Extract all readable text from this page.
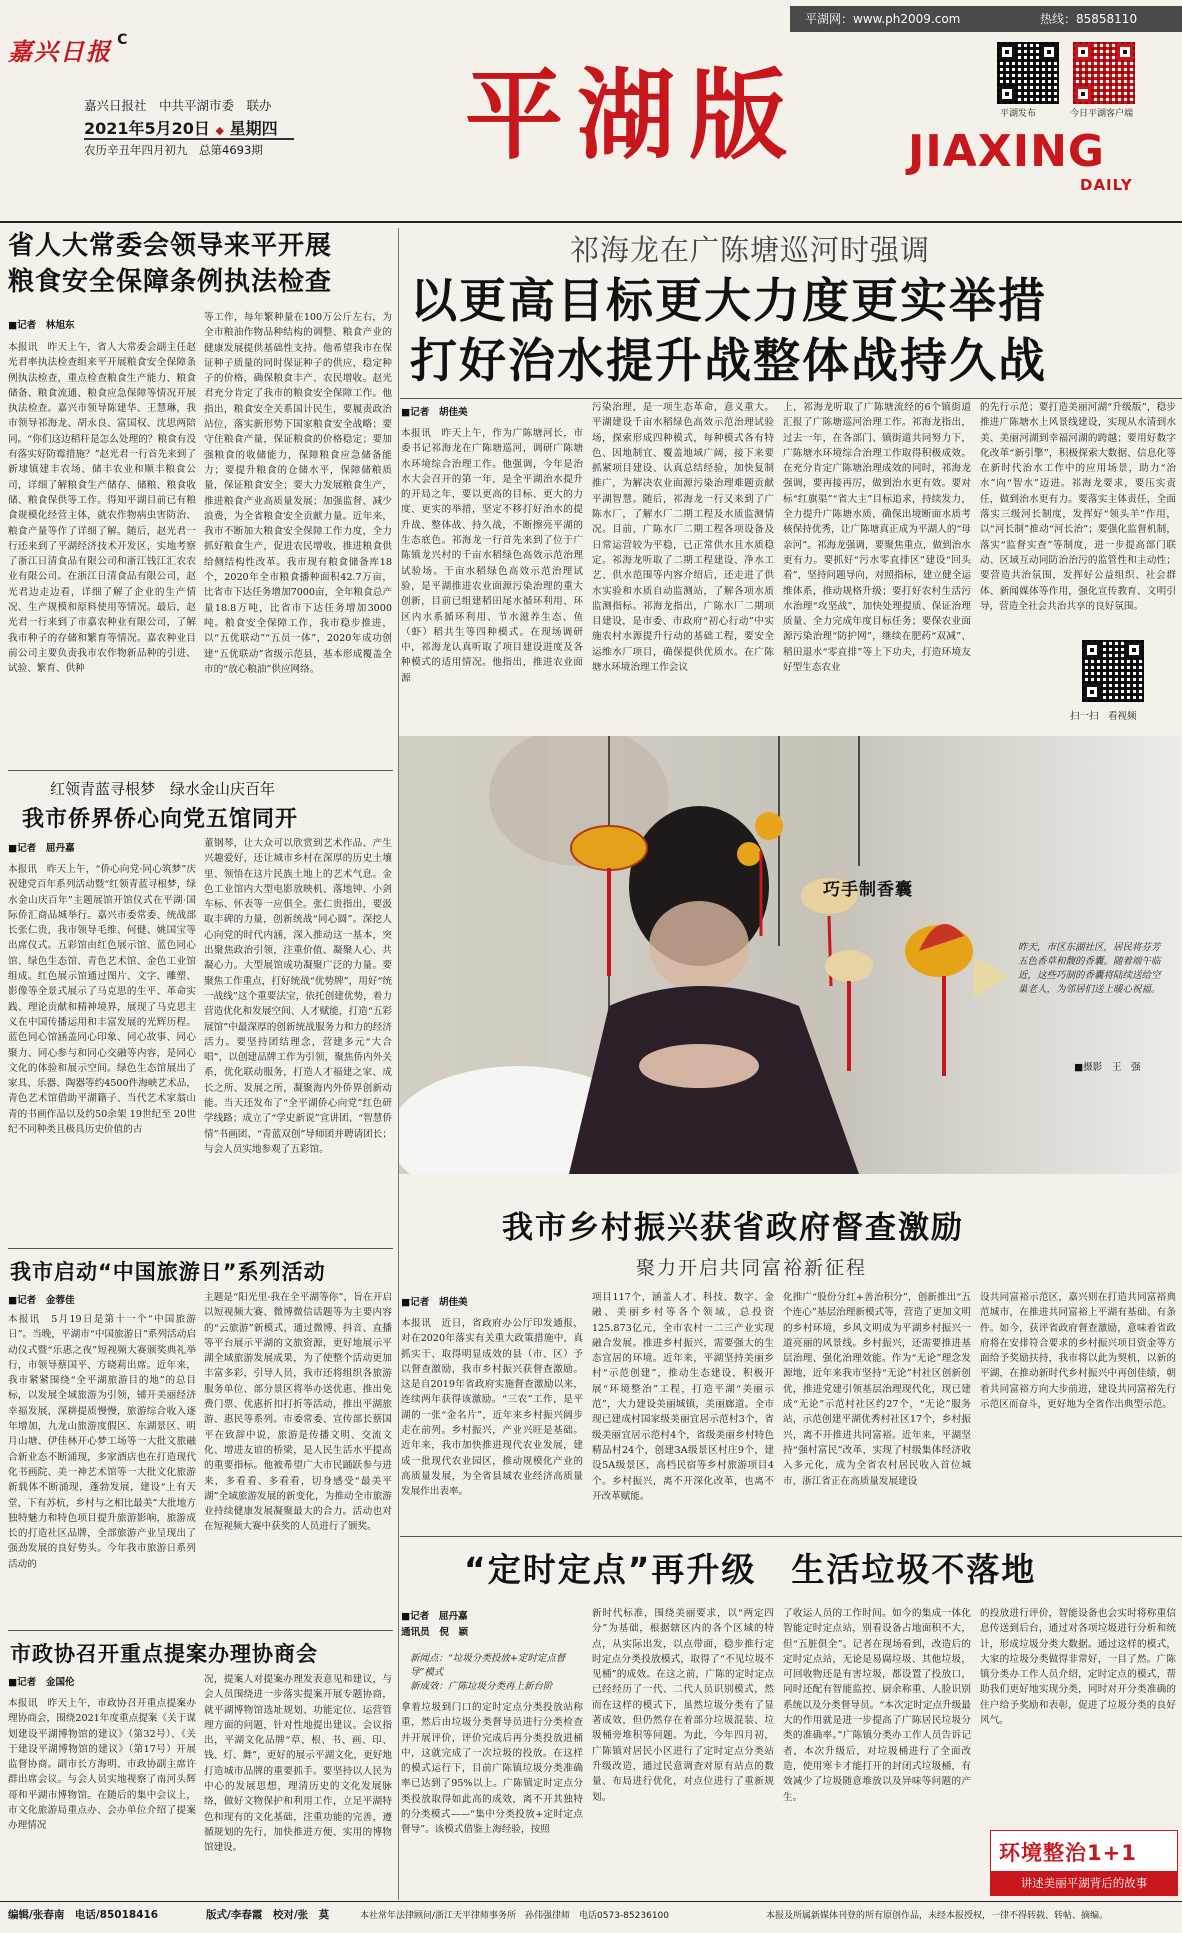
平湖网：www.ph2009.com	热线：85858110
嘉兴日报 C
嘉兴日报社　中共平湖市委　联办
2021年5月20日 ◆ 星期四
农历辛丑年四月初九　总第4693期 平湖版	平湖发布	今日平湖客户端
JIAXING
DAILY
省人大常委会领导来平开展
粮食安全保障条例执法检查
■记者　林旭东
本报讯　昨天上午，省人大常委会副主任赵光君率执法检查组来平开展粮食安全保障条例执法检查，重点检查粮食生产能力、粮食储备、粮食流通、粮食应急保障等情况开展执法检查。嘉兴市领导陈建华、王慧琳，我市领导祁海龙、胡永良、富国权、沈思两陪同。“你们这边稻秆是怎么处理的？粮食有没有落实好防霉措施？”赵光君一行首先来到了新埭镇建丰农场、储丰农业和顺丰粮食公司，详细了解粮食生产储存、储粮、粮食收储、粮食保供等工作。得知平湖目前已有粮食规模化经营主体，就农作物病虫害防治、粮食产量等作了详细了解。随后，赵光君一行还来到了平湖经济技术开发区，实地考察了浙江日清食品有限公司和浙江钱江汇农农业有限公司。在浙江日清食品有限公司，赵光君边走边看，详细了解了企业的生产情况、生产规模和原料使用等情况。最后，赵光君一行来到了市嘉农种业有限公司，了解我市种子的存储和繁育等情况。嘉农种业目前公司主要负责我市农作物新品种的引进、试验、繁育、供种
等工作，每年繁种量在100万公斤左右，为全市粮油作物品种结构的调整、粮食产业的健康发展提供基础性支持。他希望我市在保证种子质量的同时保证种子的供应，稳定种子的价格，确保粮食丰产、农民增收。赵光君充分肯定了我市的粮食安全保障工作。他指出，粮食安全关系国计民生，要履责政治站位，落实新形势下国家粮食安全战略；要守住粮食产量，保证粮食的价格稳定；要加强粮食的收储能力，保障粮食应急储备能力；要提升粮食的仓储水平，保障储粮质量，保证粮食安全；要大力发展粮食生产，推进粮食产业高质量发展；加强监督、减少浪费，为全省粮食安全贡献力量。近年来，我市不断加大粮食安全保障工作力度，全力抓好粮食生产，促进农民增收，推进粮食供给侧结构性改革。我市现有粮食储备库18个，2020年全市粮食播种面积42.7万亩，比省市下达任务增加7000亩，全年粮食总产量18.8万吨，比省市下达任务增加3000吨。粮食安全保障工作，我市稳步推进，以“五优联动”“五员一体”，2020年成功创建“五优联动”省级示范县，基本形成覆盖全市的“放心粮油”供应网络。
红领青蓝寻根梦　绿水金山庆百年
我市侨界侨心向党五馆同开
■记者　屈丹嘉
本报讯　昨天上午，“侨心向党·同心筑梦”庆祝建党百年系列活动暨“红领青蓝寻根梦，绿水金山庆百年”主题展馆开馆仪式在平湖·国际侨汇商品城举行。嘉兴市委常委、统战部长张仁贵，我市领导毛维、何健、姚国宝等出席仪式。五彩馆由红色展示馆、蓝色同心馆、绿色生态馆、青色艺术馆、金色工业馆组成。红色展示馆通过图片、文字、雕塑、影像等全景式展示了马克思的生平、革命实践、理论贡献和精神境界，展现了马克思主义在中国传播运用和丰富发展的光辉历程。蓝色同心馆涵盖同心印象、同心故事、同心聚力、同心参与和同心交融等内容，是同心文化的体验和展示空间。绿色生态馆展出了家具、乐器、陶器等约4500件海峡艺术品，青色艺术馆借助平湖籍子、当代艺术家翁山青的书画作品以及约50余架 19世纪至 20世纪不同种类且极具历史价值的古
董钢琴，让大众可以欣赏到艺术作品、产生兴趣爱好，还让城市乡村在深厚的历史土壤里、领悟在这片民族土地上的艺术气息。金色工业馆内大型电影放映机、落地钟、小剑车标、怀表等一应俱全。张仁贵指出，要汲取丰碑的力量，创新统战“同心圆”。深挖人心向党的时代内涵，深入推动这一基本，突出聚焦政治引领，注重价值、凝聚人心、共凝心力。大型展馆成功凝聚广泛的力量。要聚焦工作重点，打好统战“优势牌”，用好“统一战线”这个重要法宝，依托创建优势，着力营造优化和发展空间、人才赋能，打造“五彩展馆”中最深厚的创新统战服务力和力的经济活力。要坚持团结理念，营建多元“大合唱”，以创建品牌工作为引领，聚焦侨内外关系，优化联动服务，打造人才福建之家、成长之所、发展之所，凝聚海内外侨界创新动能。当天还发布了“全平湖侨心向党”红色研学线路；成立了“学史新说”宣讲团、“智慧侨情”书画团、“青蓝双创”导师团并聘请团长；与会人员实地参观了五彩馆。
我市启动“中国旅游日”系列活动
■记者　金蓉佳
本报讯　5月19日是第十一个“中国旅游日”。当晚，平湖市“中国旅游日”系列活动启动仪式暨“乐惠之夜”短视频大赛颁奖典礼举行，市领导蔡国平、方晓莉出席。近年来，我市紧紧围绕“全平湖旅游目的地”的总目标，以发展全域旅游为引领，铺开美丽经济幸福发展，深耕提质慢慢，旅游综合收入逐年增加，九龙山旅游度假区、东湖景区、明月山塘、伊佳林开心梦工场等一大批文旅融合新业态不断涌现，多家酒店也在打造现代化书画院、美一神艺术馆等一大批文化旅游新载体不断涌现，蓬勃发展，建设“上有天堂，下有苏杭，乡村与之相比最美”大批地方独特魅力和特色项目提升旅游影响，旅游成长的打造社区品牌，全部旅游产业呈现出了强劲发展的良好势头。今年我市旅游日系列活动的
主题是“阳光里·我在全平湖等你”，旨在开启以短视频大赛、微博微信话题等为主要内容的“云旅游”新模式，通过微博、抖音、直播等平台展示平湖的文旅资源，更好地展示平湖全域旅游发展成果，为了使整个活动更加丰富多彩，引导人员，我市还将组织各旅游服务单位、部分景区将举办送优惠、推出免费门票、优惠折扣打折等活动，推出平湖旅游、惠民等系列。市委常委、宣传部长蔡国平在致辞中说，旅游是传播文明、交流文化、增进友谊的桥梁，是人民生活水平提高的重要指标。他被希望广大市民踊跃参与进来，多看看、多看看，切身感受“最美平湖”全域旅游发展的新变化，为推动全市旅游业持续健康发展凝聚最大的合力。活动也对在短视频大赛中获奖的人员进行了颁奖。
市政协召开重点提案办理协商会
■记者　金国伦
本报讯　昨天上午，市政协召开重点提案办理协商会，围绕2021年度重点提案《关于谋划建设平湖博物馆的建议》（第32号）、《关于建设平湖博物馆的建议》（第17号）开展监督协商。副市长方海明、市政协副主席许群出席会议。与会人员实地视察了南河头辉哥和平湖市博物馆。在随后的集中会议上，市文化旅游局重点办、会办单位介绍了提案办理情况
况，提案人对提案办理发表意见和建议，与会人员围绕进一步落实提案开展专题协商，就平湖博物馆选址规划、功能定位、运营管理方面的问题，针对性地提出建议。会议指出，平湖文化品牌“草、根、书、画、印、钱、灯、舞”，更好的展示平湖文化，更好地打造城市品牌的重要抓手。要坚持以人民为中心的发展思想，理清历史的文化发展脉络，做好文物保护和利用工作，立足平湖特色和现有的文化基础，注重功能的完善，遵循规划的先行，加快推进方便、实用的博物馆建设。
祁海龙在广陈塘巡河时强调
以更高目标更大力度更实举措
打好治水提升战整体战持久战
■记者　胡佳美
本报讯　昨天上午，作为广陈塘河长，市委书记祁海龙在广陈塘巡河，调研广陈塘水环境综合治理工作。他强调，今年是治水大会召开的第一年，是全平湖治水提升的开局之年，要以更高的目标、更大的力度、更实的举措，坚定不移打好治水的提升战、整体战、持久战，不断擦亮平湖的生态底色。祁海龙一行首先来到了位于广陈镇龙兴村的千亩水稻绿色高效示范治理试验场。干亩水稻绿色高效示范治理试验，是平湖推进农业面源污染治理的重大创新，目前已组建稻田尾水循环利用、环区内水系循环利用、节水滋养生态、鱼（虾）稻共生等四种模式。在现场调研中，祁海龙认真听取了项目建设进度及各种模式的适用情况。他指出，推进农业面源
污染治理，是一项生态革命，意义重大。平湖建设千亩水稻绿色高效示范治理试验场，探索形成四种模式，每种模式各有特色、因地制宜、覆盖地域广阔，接下来要抓紧项目建设、认真总结经验，加快复制推广，为解决农业面源污染治理难题贡献平湖智慧。随后，祁海龙一行又来到了广陈水厂，了解水厂二期工程及水质监测情况。目前，广陈水厂二期工程各项设备及日常运营较为平稳，已正常供水且水质稳定。祁海龙听取了二期工程建设、净水工艺、供水范围等内容介绍后，还走进了供水实验和水质自动监测站，了解各项水质监测指标。祁海龙指出，广陈水厂二期项目建设，是市委、市政府“初心行动”中实施农村水源提升行动的基础工程，要安全运维水厂项目，确保提供优质水。在广陈塘水环境治理工作会议
上，祁海龙听取了广陈塘流经的6个镇街道汇报了广陈塘巡河治理工作。祁海龙指出，过去一年，在各部门、镇街道共同努力下，广陈塘水环境综合治理工作取得积极成效。在充分肯定广陈塘治理成效的同时，祁海龙强调，要再接再厉，做到治水更有效。要对标“红旗渠”“省大主”目标追求，持续发力，全力提升广陈塘水质，确保出境断面水质考核保持优秀，让广陈塘真正成为平湖人的“母亲河”。祁海龙强调，要聚焦重点，做到治水更有力。要抓好“污水零直排区”建设“回头看”，坚持问题导向，对照指标，建立健全运维体系，推动规格升级；要打好农村生活污水治理“攻坚战”，加快处理提质、保证治理质量、全力完成年度目标任务；要保农业面源污染治理“防护网”，继续在肥药“双减”、稻田退水“零直排”等上下功夫，打造环境友好型生态农业
的先行示范；要打造美丽河湖“升级版”，稳步推进广陈塘水上风景线建设，实现从水清到水美、美丽河湖到幸福河湖的跨越；要用好数字化改革“新引擎”，积极探索大数据、信息化等在新时代治水工作中的应用场景，助力“治水”向“智水”迈进。祁海龙要求，要压实责任，做到治水更有力。要落实主体责任，全面落实三级河长制度，发挥好“领头羊”作用，以“河长制”推动“河长治”；要强化监督机制，落实“监督实查”等制度，进一步提高部门联动、区域互动同防治治污的监管性和主动性；要营造共治氛围，发挥好公益组织、社会群体、新闻媒体等作用，强化宣传教育、文明引导，营造全社会共治共享的良好氛围。
扫一扫　看视频
巧手制香囊
昨天，市区东湖社区，居民将芬芳五色香草和馥的香囊。随着端午临近，这些巧制的香囊将陆续送给空巢老人，为邻居们送上暖心祝福。
■摄影　王　强
我市乡村振兴获省政府督查激励
聚力开启共同富裕新征程
■记者　胡佳美
本报讯　近日，省政府办公厅印发通报，对在2020年落实有关重大政策措施中，真抓实干、取得明显成效的县（市、区）予以督查激励，我市乡村振兴获督查激励。这是自2019年省政府实施督查激励以来，连续两年获得该激励。“三农”工作，是平湖的一张“金名片”，近年来乡村振兴阔步走在前列。乡村振兴，产业兴旺是基础。近年来，我市加快推进现代农业发展，建成一批现代农业园区，推动规模化产业的高质量发展，为全省县域农业经济高质量发展作出表率。
项目117个，涵盖人才、科技、数字、金融、美丽乡村等各个领域，总投资125.873亿元，全市农村一二三产业实现融合发展。推进乡村振兴，需要强大的生态宜居的环境。近年来，平湖坚持美丽乡村“示范创建”，推动生态建设，积极开展“环境整治”工程，打造平湖“美丽示范”，大力建设美丽城镇，美丽廊道。全市现已建成村国家级美丽宜居示范村3个，省级美丽宜居示范村4个，省级美丽乡村特色精品村24个，创建3A级景区村庄9个，建设5A级景区，高档民宿等乡村旅游项目4个。乡村振兴，离不开深化改革，也离不开改革赋能。
化推广“股份分红+善治积分”，创新推出“五个连心”基层治理新模式等，营造了更加文明的乡村环境，乡风文明成为平湖乡村振兴一道亮丽的风景线。乡村振兴，还需要推进基层治理、强化治理效能。作为“无论”理念发源地，近年来我市坚持“无论”村社区创新创优，推进党建引领基层治理现代化，现已建成“无论”示范村社区约27个，“无论”服务站，示范创建平湖优秀村社区17个，乡村振兴，离不开推进共同富裕。近年来，平湖坚持“强村富民”改革，实现了村级集体经济收入多元化，成为全省农村居民收入首位城市，浙江省正在高质量发展建设
设共同富裕示范区，嘉兴则在打造共同富裕典范城市，在推进共同富裕上平湖有基础、有条件。如今，获评省政府督查激励，意味着省政府将在安排符合要求的乡村振兴项目资金等方面给予奖励扶持，我市将以此为契机，以新的平湖，在推动新时代乡村振兴中再创佳绩，朝着共同富裕方向大步前进，建设共同富裕先行示范区而奋斗，更好地为全省作出典型示范。
“定时定点”再升级　生活垃圾不落地
■记者　屈丹嘉
通讯员　倪　颖
新闻点：“垃圾分类投放+定时定点督导”模式
新成效：广陈垃圾分类再上新台阶
拿着垃圾到门口的定时定点分类投放站称重，然后由垃圾分类督导员进行分类检查并开展评价，评价完成后再分类投放进桶中，这就完成了一次垃圾的投放。在这样的模式运行下，目前广陈镇垃圾分类准确率已达到了95%以上。广陈镇定时定点分类投放取得如此高的成效，离不开其独特的分类模式——“集中分类投放+定时定点督导”。该模式借鉴上海经验，按照
新时代标准，围绕美丽要求，以“两定四分”为基础，根据辖区内的各个区域的特点，从实际出发，以点带面，稳步推行定时定点分类投放模式，取得了“不见垃圾不见桶”的成效。在这之前，广陈的定时定点已经经历了一代、二代人员识别模式，然而在这样的模式下，虽然垃圾分类有了显著成效，但仍然存在着部分垃圾混装、垃圾桶旁堆积等问题。为此，今年四月初，广陈镇对居民小区进行了定时定点分类站升级改造，通过民意调查对原有站点的数量、布局进行优化，对点位进行了重新规划。
了收运人员的工作时间。如今的集成一体化智能定时定点站，别看设备占地面积不大，但“五脏俱全”。记者在现场看到，改造后的定时定点站，无论是易腐垃圾、其他垃圾，可回收物还是有害垃圾，都设置了投放口，同时还配有智能监控、厨余称重、人脸识别系统以及分类督导员。“本次定时定点升级最大的作用就是进一步提高了广陈居民垃圾分类的准确率。”广陈镇分类办工作人员告诉记者，本次升级后，对垃圾桶进行了全面改造，使用寒卡才能打开的封闭式垃圾桶，有效减少了垃圾随意堆放以及异味等问题的产生。
的投放进行评价，智能设备也会实时将称重信息传送到后台，通过对各项垃圾进行分析和统计，形成垃圾分类大数据。通过这样的模式，大家的垃圾分类做得非常好，一目了然。广陈镇分类办工作人员介绍，定时定点的模式，帮助我们更好地实现分类，同时对开分类准确的住户给予奖励和表彰，促进了垃圾分类的良好风气。
环境整治1+1
讲述美丽平湖背后的故事
编辑/张春南　电话/85018416	版式/李春霞　校对/张　莫	本社常年法律顾问/浙江天平律师事务所　孙伟强律师　电话0573-85236100	本报及所属新媒体刊登的所有原创作品，未经本报授权，一律不得转载、转帖、摘编。
